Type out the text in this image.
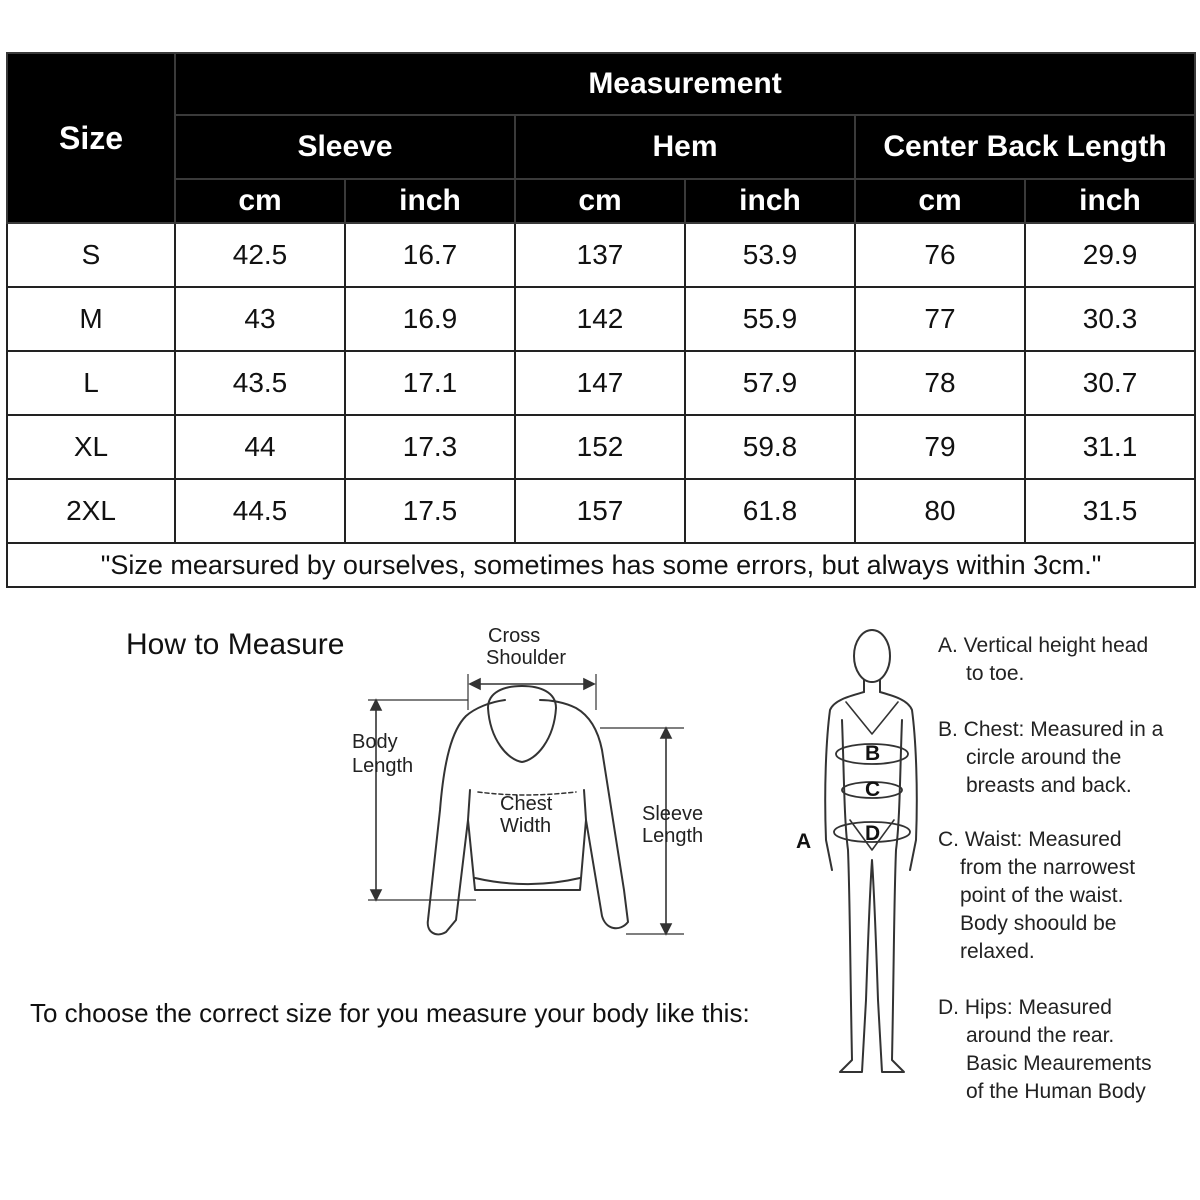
Size	Measurement					
	Sleeve		Hem		Center Back Length	
	cm	inch	cm	inch	cm	inch
S	42.5	16.7	137	53.9	76	29.9
M	43	16.9	142	55.9	77	30.3
L	43.5	17.1	147	57.9	78	30.7
XL	44	17.3	152	59.8	79	31.1
2XL	44.5	17.5	157	61.8	80	31.5
"Size mearsured by ourselves, sometimes has some errors, but always within 3cm."						
How to Measure
To choose the correct size for you measure your body like this:
Cross
Shoulder
Body
Length
Chest
Width
Sleeve
Length	A
B
C
D
A. Vertical height head
to toe.
B. Chest: Measured in a
circle around the
breasts and back.
C. Waist: Measured
from the narrowest
point of the waist.
Body shoould be
relaxed.
D. Hips: Measured
around the rear.
Basic Meaurements
of the Human Body
